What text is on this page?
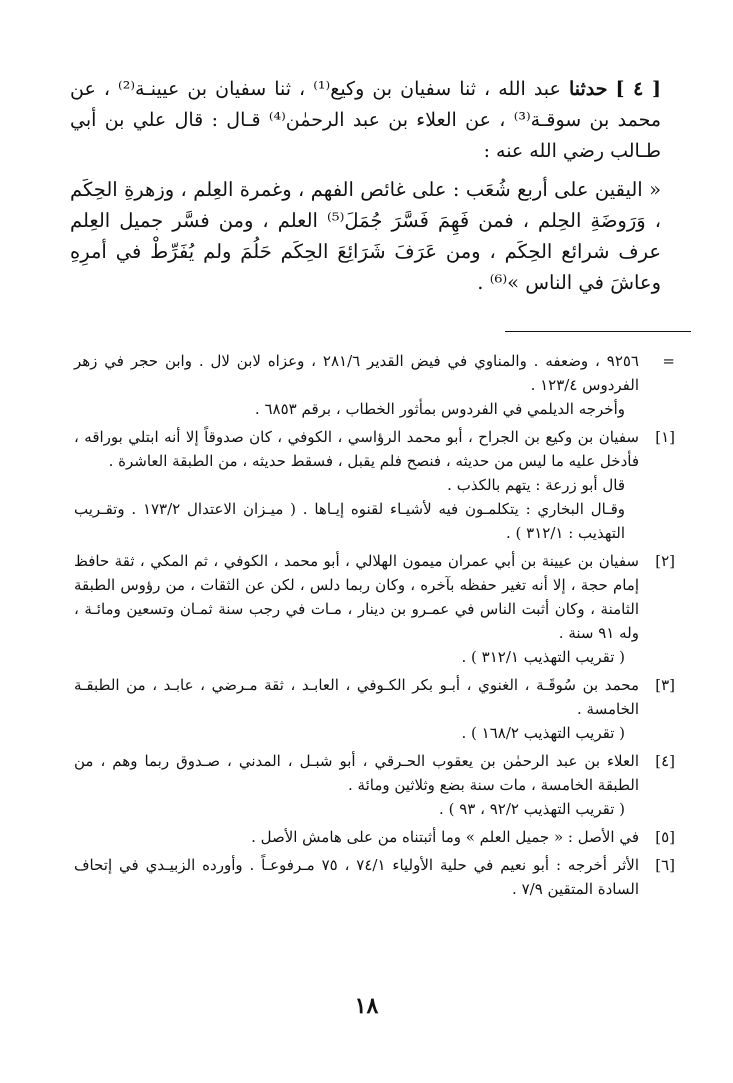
[ ٤ ] حدثنا عبد الله ، ثنا سفيان بن وكيع⁽¹⁾ ، ثنا سفيان بن عيينـة⁽²⁾ ، عن محمد بن سوقـة⁽³⁾ ، عن العلاء بن عبد الرحمٰن⁽⁴⁾ قـال : قال علي بن أبي طـالب رضي الله عنه :

« اليقين على أربع شُعَب : على غائص الفهم ، وغمرة العِلم ، وزهرةِ الحِكَم ، وَرَوضَةِ الحِلم ، فمن فَهِمَ فَسَّرَ جُمَلَ⁽⁵⁾ العلم ، ومن فسَّر جميل العِلم عرف شرائع الحِكَم ، ومن عَرَفَ شَرَائِعَ الحِكَم حَلُمَ ولم يُفَرِّطْ في أمرِهِ وعاشَ في الناس »⁽⁶⁾ .

=

٩٢٥٦ ، وضعفه . والمناوي في فيض القدير ٢٨١/٦ ، وعزاه لابن لال . وابن حجر في زهر الفردوس ١٢٣/٤ .

وأخرجه الديلمي في الفردوس بمأثور الخطاب ، برقم ٦٨٥٣ .

[١]

سفيان بن وكيع بن الجراح ، أبو محمد الرؤاسي ، الكوفي ، كان صدوقاً إلا أنه ابتلي بوراقه ، فأدخل عليه ما ليس من حديثه ، فنصح فلم يقبل ، فسقط حديثه ، من الطبقة العاشرة .

قال أبو زرعة : يتهم بالكذب .

وقـال البخاري : يتكلمـون فيه لأشيـاء لقنوه إيـاها . ( ميـزان الاعتدال ١٧٣/٢ . وتقـريب التهذيب : ٣١٢/١ ) .

[٢]

سفيان بن عيينة بن أبي عمران ميمون الهلالي ، أبو محمد ، الكوفي ، ثم المكي ، ثقة حافظ إمام حجة ، إلا أنه تغير حفظه بآخره ، وكان ربما دلس ، لكن عن الثقات ، من رؤوس الطبقة الثامنة ، وكان أثبت الناس في عمـرو بن دينار ، مـات في رجب سنة ثمـان وتسعين ومائـة ، وله ٩١ سنة .

( تقريب التهذيب ٣١٢/١ ) .

[٣]

محمد بن سُوقَـة ، الغنوي ، أبـو بكر الكـوفي ، العابـد ، ثقة مـرضي ، عابـد ، من الطبقـة الخامسة .

( تقريب التهذيب ١٦٨/٢ ) .

[٤]

العلاء بن عبد الرحمٰن بن يعقوب الحـرقي ، أبو شبـل ، المدني ، صـدوق ربما وهم ، من الطبقة الخامسة ، مات سنة بضع وثلاثين ومائة .

( تقريب التهذيب ٩٢/٢ ، ٩٣ ) .

[٥]

في الأصل : « جميل العلم » وما أثبتناه من على هامش الأصل .

[٦]

الأثر أخرجه : أبو نعيم في حلية الأولياء ٧٤/١ ، ٧٥ مـرفوعـاً . وأورده الزبيـدي في إتحاف السادة المتقين ٧/٩ .

١٨
